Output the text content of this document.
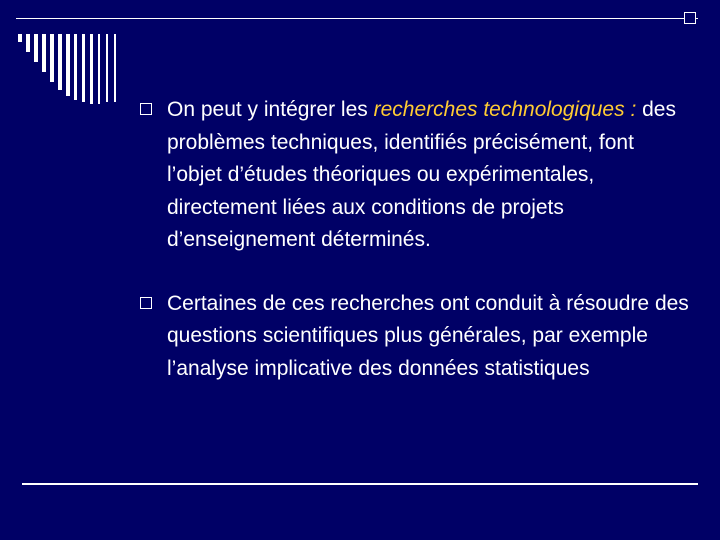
On peut y intégrer les recherches technologiques : des problèmes techniques, identifiés précisément, font l’objet d’études théoriques ou expérimentales, directement liées aux conditions de projets d’enseignement déterminés.
Certaines de ces recherches ont conduit à résoudre des questions scientifiques plus générales, par exemple l’analyse implicative des données statistiques
